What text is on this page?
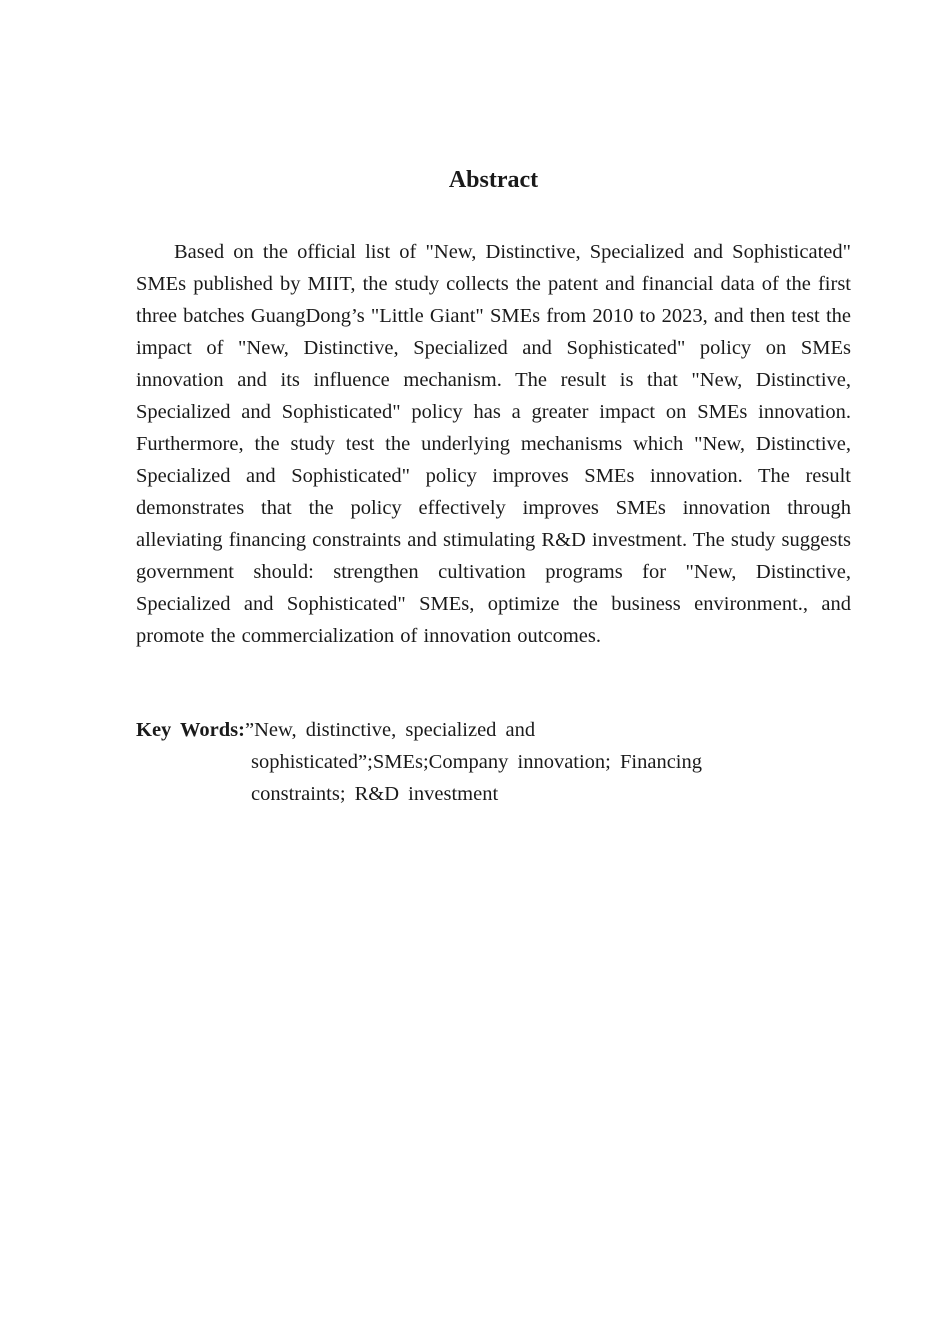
Abstract

Based on the official list of "New, Distinctive, Specialized and Sophisticated" SMEs published by MIIT, the study collects the patent and financial data of the first three batches GuangDong’s "Little Giant" SMEs from 2010 to 2023, and then test the impact of "New, Distinctive, Specialized and Sophisticated" policy on SMEs innovation and its influence mechanism. The result is that "New, Distinctive, Specialized and Sophisticated" policy has a greater impact on SMEs innovation. Furthermore, the study test the underlying mechanisms which "New, Distinctive, Specialized and Sophisticated" policy improves SMEs innovation. The result demonstrates that the policy effectively improves SMEs innovation through alleviating financing constraints and stimulating R&D investment. The study suggests government should: strengthen cultivation programs for "New, Distinctive, Specialized and Sophisticated" SMEs, optimize the business environment., and promote the commercialization of innovation outcomes.

Key Words:”New, distinctive, specialized and
sophisticated”;SMEs;Company innovation; Financing
constraints; R&D investment
